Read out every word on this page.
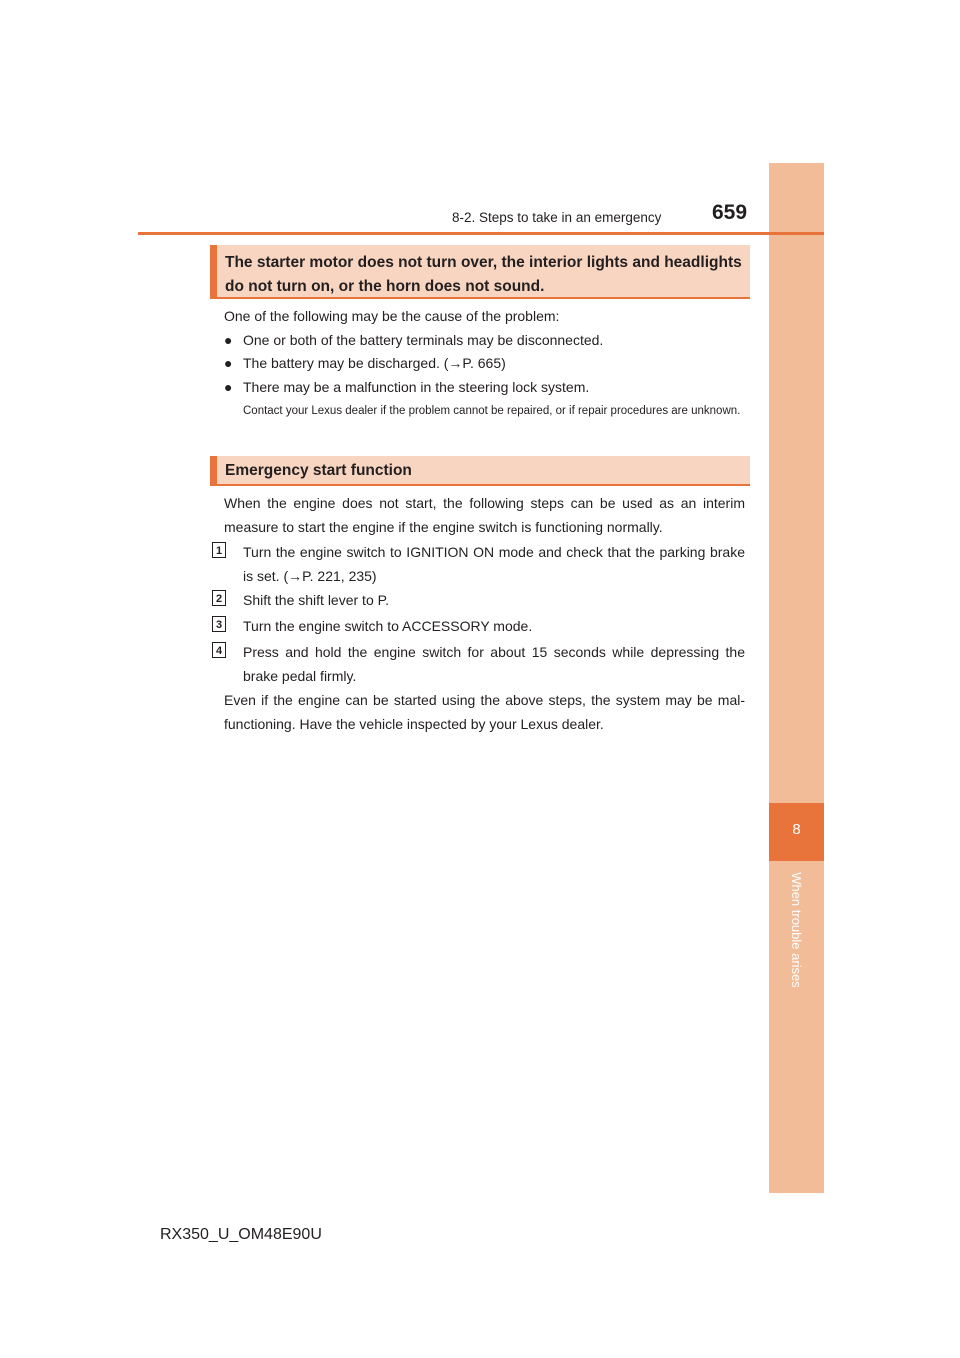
8
When trouble arises
8-2. Steps to take in an emergency 659
The starter motor does not turn over, the interior lights and headlights do not turn on, or the horn does not sound.
One of the following may be the cause of the problem:
● One or both of the battery terminals may be disconnected.
● The battery may be discharged. (→P. 665)
● There may be a malfunction in the steering lock system.
Contact your Lexus dealer if the problem cannot be repaired, or if repair procedures are unknown.
Emergency start function
When the engine does not start, the following steps can be used as an interim measure to start the engine if the engine switch is functioning normally.
1 Turn the engine switch to IGNITION ON mode and check that the parking brake is set. (→P. 221, 235)
2 Shift the shift lever to P.
3 Turn the engine switch to ACCESSORY mode.
4 Press and hold the engine switch for about 15 seconds while depressing the brake pedal firmly.
Even if the engine can be started using the above steps, the system may be mal-functioning. Have the vehicle inspected by your Lexus dealer.
RX350_U_OM48E90U
